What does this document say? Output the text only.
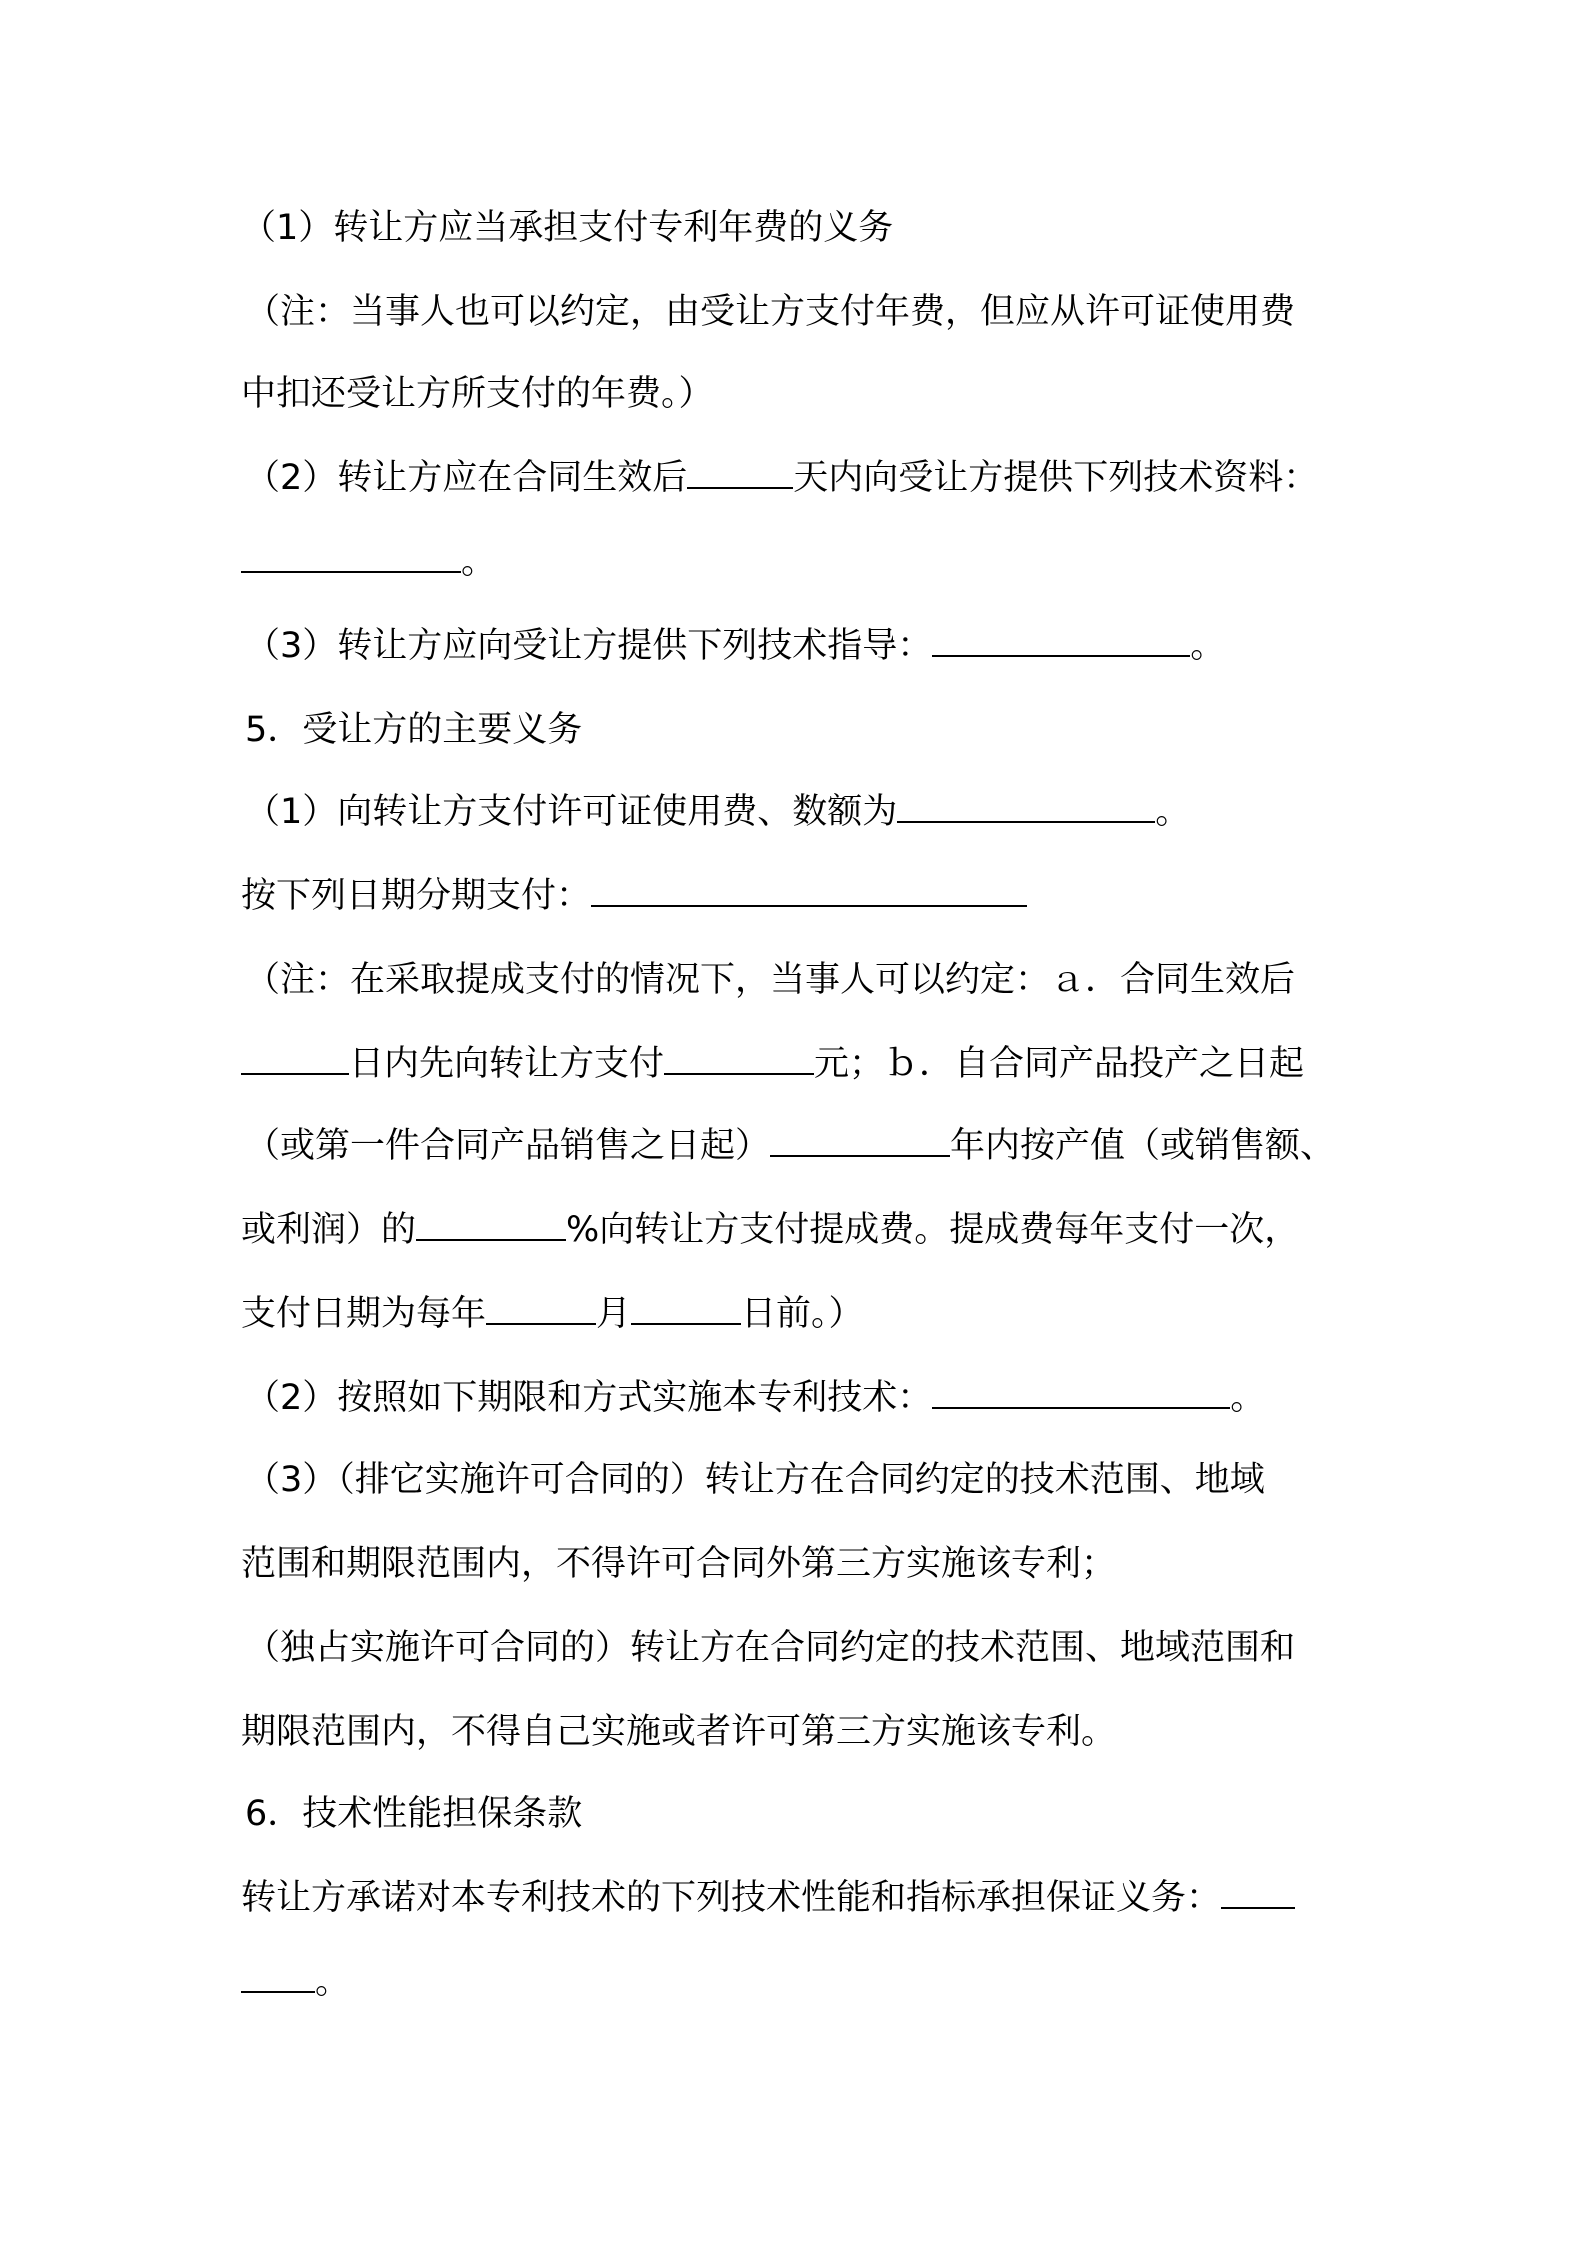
（1）转让方应当承担支付专利年费的义务
（注：当事人也可以约定，由受让方支付年费，但应从许可证使用费
中扣还受让方所支付的年费。）
（2）转让方应在合同生效后	天内向受让方提供下列技术资料：
。
（3）转让方应向受让方提供下列技术指导：	。
5．受让方的主要义务
（1）向转让方支付许可证使用费、数额为	。
按下列日期分期支付：
（注：在采取提成支付的情况下，当事人可以约定：ａ．合同生效后
日内先向转让方支付	元；ｂ．自合同产品投产之日起
（或第一件合同产品销售之日起）	年内按产值（或销售额、
或利润）的	%向转让方支付提成费。提成费每年支付一次，
支付日期为每年	月	日前。）
（2）按照如下期限和方式实施本专利技术：	。
（3）（排它实施许可合同的）转让方在合同约定的技术范围、地域
范围和期限范围内，不得许可合同外第三方实施该专利；
（独占实施许可合同的）转让方在合同约定的技术范围、地域范围和
期限范围内，不得自己实施或者许可第三方实施该专利。
6．技术性能担保条款
转让方承诺对本专利技术的下列技术性能和指标承担保证义务：
。
